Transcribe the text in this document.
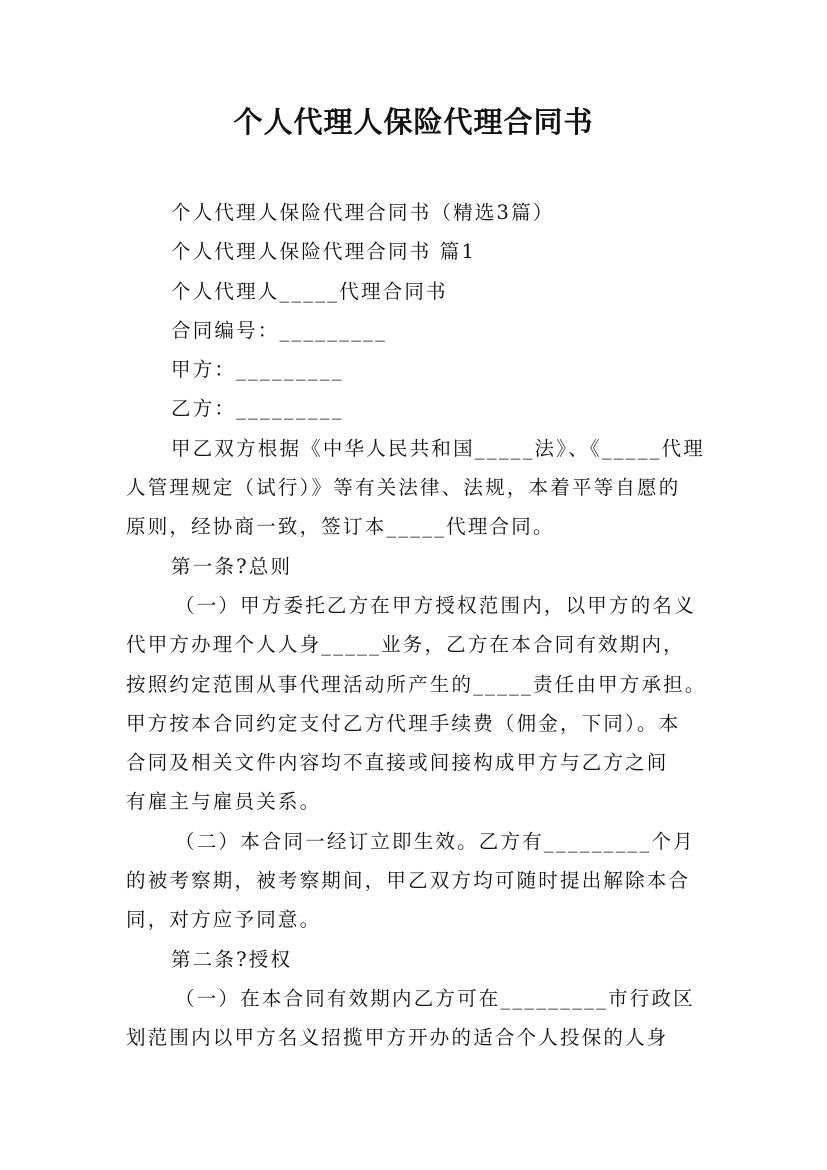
个人代理人保险代理合同书
个人代理人保险代理合同书（精选3篇）
个人代理人保险代理合同书 篇1
个人代理人_____代理合同书
合同编号：_________
甲方：_________
乙方：_________
甲乙双方根据《中华人民共和国_____法》、《_____代理
人管理规定（试行）》等有关法律、法规，本着平等自愿的
原则，经协商一致，签订本_____代理合同。
第一条?总则
（一）甲方委托乙方在甲方授权范围内，以甲方的名义
代甲方办理个人人身_____业务，乙方在本合同有效期内，
按照约定范围从事代理活动所产生的_____责任由甲方承担。
甲方按本合同约定支付乙方代理手续费（佣金，下同）。本
合同及相关文件内容均不直接或间接构成甲方与乙方之间
有雇主与雇员关系。
（二）本合同一经订立即生效。乙方有_________个月
的被考察期，被考察期间，甲乙双方均可随时提出解除本合
同，对方应予同意。
第二条?授权
（一）在本合同有效期内乙方可在_________市行政区
划范围内以甲方名义招揽甲方开办的适合个人投保的人身
